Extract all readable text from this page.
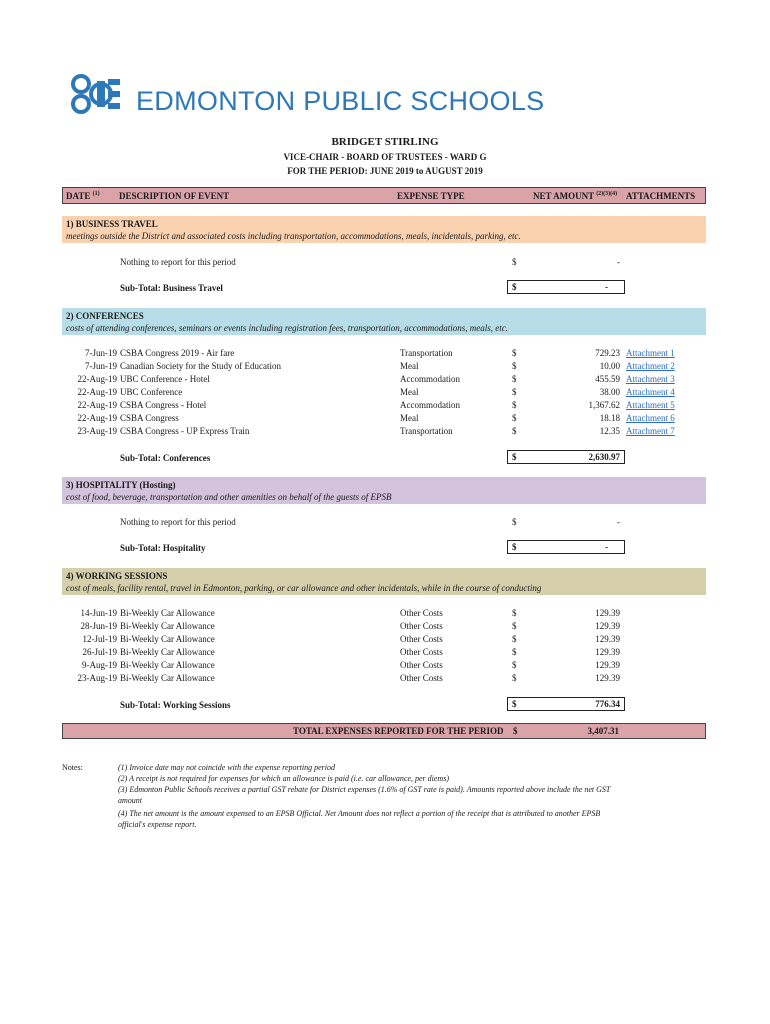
EDMONTON PUBLIC SCHOOLS
BRIDGET STIRLING
VICE-CHAIR - BOARD OF TRUSTEES - WARD G
FOR THE PERIOD: JUNE 2019 to AUGUST 2019
DATE $^{(1)}$ DESCRIPTION OF EVENT	EXPENSE TYPE	NET AMOUNT $^{(2)(3)(4)}$ ATTACHMENTS
1) BUSINESS TRAVEL
meetings outside the District and associated costs including transportation, accommodations, meals, incidentals, parking, etc.
Nothing to report for this period	$	-
Sub-Total: Business Travel	$	-
2) CONFERENCES
costs of attending conferences, seminars or events including registration fees, transportation, accommodations, meals, etc.
7-Jun-19 CSBA Congress 2019 - Air fare	Transportation	$	729.23 Attachment 1
7-Jun-19 Canadian Society for the Study of Education	Meal	$	10.00 Attachment 2
22-Aug-19 UBC Conference - Hotel	Accommodation	$	455.59 Attachment 3
22-Aug-19 UBC Conference	Meal	$	38.00 Attachment 4
22-Aug-19 CSBA Congress - Hotel	Accommodation	$	1,367.62 Attachment 5
22-Aug-19 CSBA Congress	Meal	$	18.18 Attachment 6
23-Aug-19 CSBA Congress - UP Express Train	Transportation	$	12.35 Attachment 7
Sub-Total: Conferences	$	2,630.97
3) HOSPITALITY (Hosting)
cost of food, beverage, transportation and other amenities on behalf of the guests of EPSB
Nothing to report for this period	$	-
Sub-Total: Hospitality	$	-
4) WORKING SESSIONS
cost of meals, facility rental, travel in Edmonton, parking, or car allowance and other incidentals, while in the course of conducting
14-Jun-19 Bi-Weekly Car Allowance	Other Costs	$	129.39
28-Jun-19 Bi-Weekly Car Allowance	Other Costs	$	129.39
12-Jul-19 Bi-Weekly Car Allowance	Other Costs	$	129.39
26-Jul-19 Bi-Weekly Car Allowance	Other Costs	$	129.39
9-Aug-19 Bi-Weekly Car Allowance	Other Costs	$	129.39
23-Aug-19 Bi-Weekly Car Allowance	Other Costs	$	129.39
Sub-Total: Working Sessions	$	776.34
TOTAL EXPENSES REPORTED FOR THE PERIOD $	3,407.31
Notes:	(1) Invoice date may not coincide with the expense reporting period
(2) A receipt is not required for expenses for which an allowance is paid (i.e. car allowance, per diems)
(3) Edmonton Public Schools receives a partial GST rebate for District expenses (1.6% of GST rate is paid). Amounts reported above include the net GST
amount
(4) The net amount is the amount expensed to an EPSB Official. Net Amount does not reflect a portion of the receipt that is attributed to another EPSB
official's expense report.
